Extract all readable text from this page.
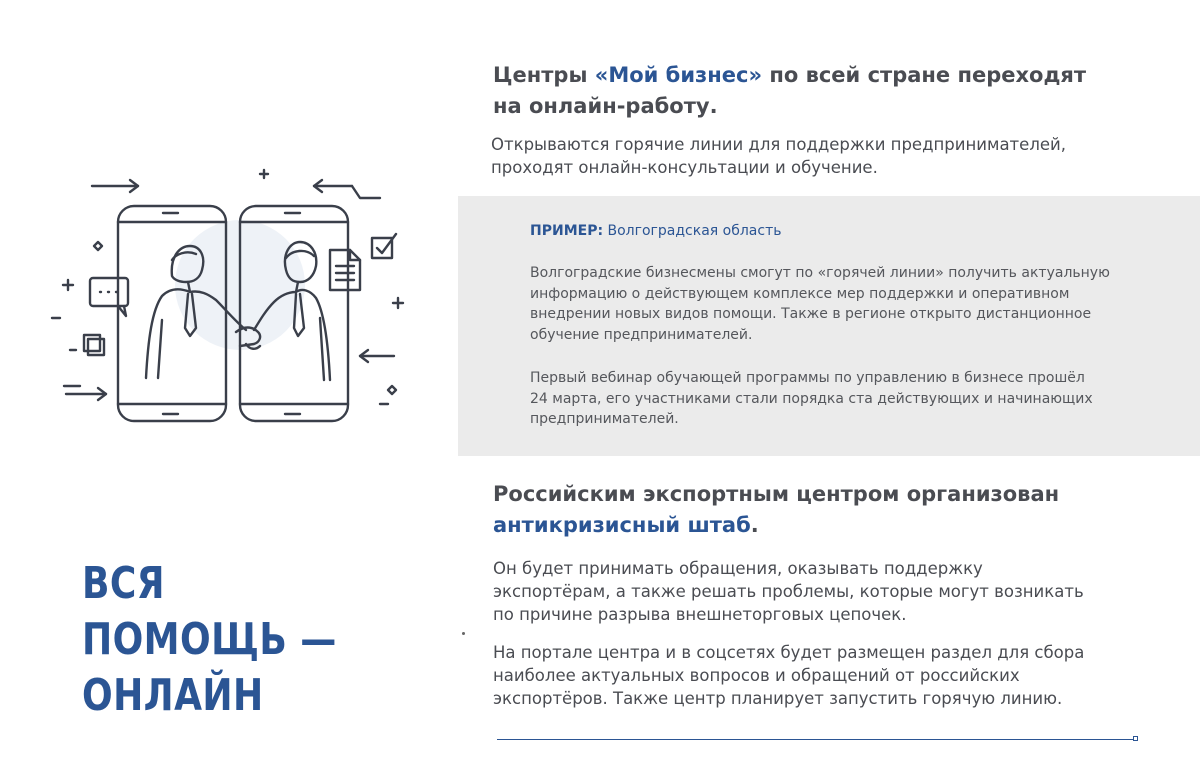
ВСЯ
ПОМОЩЬ —
ОНЛАЙН
Центры «Мой бизнес» по всей стране переходят
на онлайн-работу.
Открываются горячие линии для поддержки предпринимателей,
проходят онлайн-консультации и обучение.
ПРИМЕР: Волгоградская область
Волгоградские бизнесмены смогут по «горячей линии» получить актуальную
информацию о действующем комплексе мер поддержки и оперативном
внедрении новых видов помощи. Также в регионе открыто дистанционное
обучение предпринимателей.
Первый вебинар обучающей программы по управлению в бизнесе прошёл
24 марта, его участниками стали порядка ста действующих и начинающих
предпринимателей.
Российским экспортным центром организован
антикризисный штаб.
Он будет принимать обращения, оказывать поддержку
экспортёрам, а также решать проблемы, которые могут возникать
по причине разрыва внешнеторговых цепочек.
На портале центра и в соцсетях будет размещен раздел для сбора
наиболее актуальных вопросов и обращений от российских
экспортёров. Также центр планирует запустить горячую линию.
